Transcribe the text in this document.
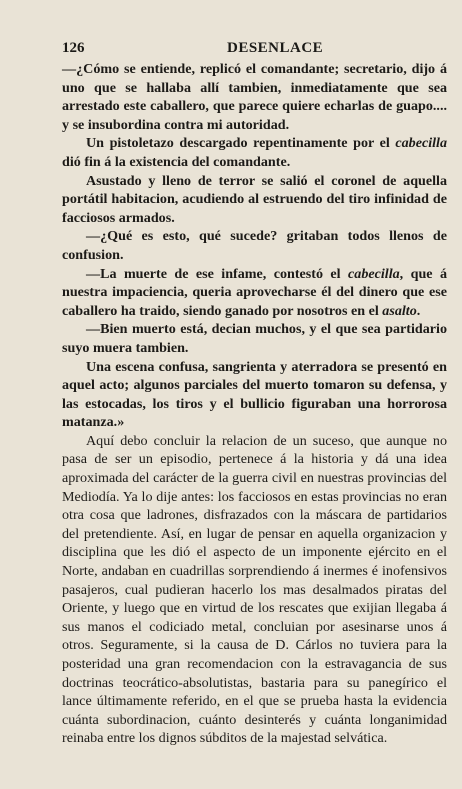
126	DESENLACE

—¿Cómo se entiende, replicó el comandante; secretario, dijo á uno que se hallaba allí tambien, inmediatamente que sea arrestado este caballero, que parece quiere echarlas de guapo.... y se insubordina contra mi autoridad.

Un pistoletazo descargado repentinamente por el cabecilla dió fin á la existencia del comandante.

Asustado y lleno de terror se salió el coronel de aquella portátil habitacion, acudiendo al estruendo del tiro infinidad de facciosos armados.

—¿Qué es esto, qué sucede? gritaban todos llenos de confusion.

—La muerte de ese infame, contestó el cabecilla, que á nuestra impaciencia, queria aprovecharse él del dinero que ese caballero ha traido, siendo ganado por nosotros en el asalto.

—Bien muerto está, decian muchos, y el que sea partidario suyo muera tambien.

Una escena confusa, sangrienta y aterradora se presentó en aquel acto; algunos parciales del muerto tomaron su defensa, y las estocadas, los tiros y el bullicio figuraban una horrorosa matanza.»

Aquí debo concluir la relacion de un suceso, que aunque no pasa de ser un episodio, pertenece á la historia y dá una idea aproximada del carácter de la guerra civil en nuestras provincias del Mediodía. Ya lo dije antes: los facciosos en estas provincias no eran otra cosa que ladrones, disfrazados con la máscara de partidarios del pretendiente. Así, en lugar de pensar en aquella organizacion y disciplina que les dió el aspecto de un imponente ejército en el Norte, andaban en cuadrillas sorprendiendo á inermes é inofensivos pasajeros, cual pudieran hacerlo los mas desalmados piratas del Oriente, y luego que en virtud de los rescates que exijian llegaba á sus manos el codiciado metal, concluian por asesinarse unos á otros. Seguramente, si la causa de D. Cárlos no tuviera para la posteridad una gran recomendacion con la estravagancia de sus doctrinas teocrático-absolutistas, bastaria para su panegírico el lance últimamente referido, en el que se prueba hasta la evidencia cuánta subordinacion, cuánto desinterés y cuánta longanimidad reinaba entre los dignos súbditos de la majestad selvática.
